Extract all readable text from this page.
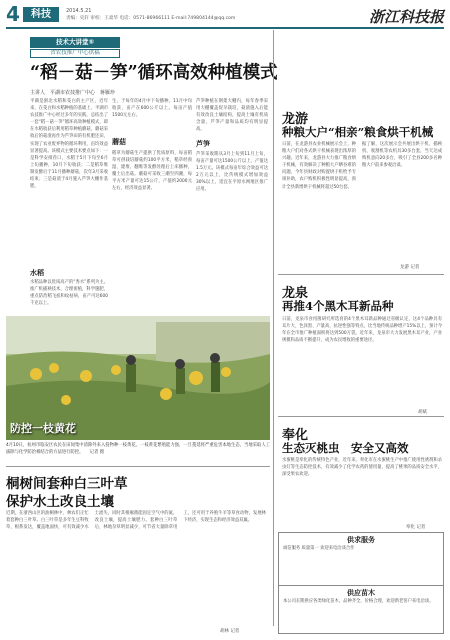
4	科技	2014.5.21
责编：史轩 审校：王肃华 电话：0571-86966111 E-mail:749804144@qq.com	浙江科技报
技术大讲堂⑤
省农技推广中心供稿
“稻－菇－笋”循环高效种植模式
主讲人　平湖市农技推广中心　蒋雁珍
平湖是浙北水稻和茭白的主产区，近年来，在茭白和水稻种植的基础上，平湖市农技推广中心经过多年的实践，总结出了一套“稻－菇－笋”循环高效种植模式，即在水稻收获后利用稻草种植蘑菇，蘑菇采收后的菇渣再作为芦笋田的有机肥还田，实现了农业废弃物的循环利用，亩均效益显著提高。该模式主要技术要点如下：一是科学安排茬口，水稻于5月下旬至6月上旬播种，10月下旬收获；二是稻草堆制发酵后于11月播种蘑菇，次年3月采收结束；三是菇渣于4月施入芦笋大棚作基肥。
水稻
水稻品种以优质高产的“秀水”系列为主。推广机插秧技术，合理密植，科学施肥，重点防治稻飞虱和纹枯病，亩产可达600千克以上。
生，于每年的4月中下旬播种，11月中旬收获，亩产在600公斤以上。每亩产值1500元左右。
蘑菇
稻草为蘑菇生产提供了优质原料，每亩稻草可供栽培蘑菇约100平方米，稻草经预湿、建堆、翻堆等发酵处理后上床播种，覆土后出菇。蘑菇可采收三潮至四潮，每平方米产量可达15公斤，产值约2000元左右，经济效益显著。
芦笋种植在钢架大棚内，每年春季采用大棚覆盖促早栽培，菇渣施入后能有效改良土壤结构，提高土壤有机质含量，芦笋产量和品质均有明显提高。
芦笋
芦笋采收期从3月上旬到11月上旬，每亩产量可达1500公斤以上，产值达1.5万元。该模式每亩年综合效益可达2万元以上，比传统模式增加效益30%以上，适宜在平原水网地区推广应用。
防控一枝黄花
4月10日，杭州市临安区农民在田间集中清除外来入侵物种一枝黄花。一枝黄花繁殖能力强，一旦蔓延将严重危害本地生态，当地采取人工拔除与化学防治相结合的方法进行防控。　　记者 摄
龙游
种粮大户“相亲”粮食烘干机械
日前，在龙游县农业机械展示会上，种粮大户们对各式烘干机械表现出浓厚的兴趣。近年来，龙游县大力推广粮食烘干机械，有效解决了种粮大户晒谷难的问题，今年县财政对购置烘干机给予专项补助，农户购机积极性明显提高，预计全县新增烘干机械将超过50台套。
据了解，这次展示会共展出烘干机、插秧机、收割机等农机具30多台套，当天达成购机意向20多台，吸引了全县200多名种粮大户前来参观洽谈。
龙游 记者
龙泉
再推4个黑木耳新品种
日前，龙泉市食用菌研究所选育的4个黑木耳新品种通过省级认定，这4个品种具有耳片大、色泽黑、产量高、抗逆性强等特点，比当地传统品种增产15%以上，预计今年在全市推广种植面积将达到500万袋。近年来，龙泉市大力发展黑木耳产业，产业规模和品质不断提升，成为农民增收的重要途径。
胡斌
奉化
生态灭桃虫　安全又高效
水蜜桃是奉化的传统特色产业，近年来，奉化市在水蜜桃生产中推广使用性诱剂和杀虫灯等生态防控技术，有效减少了化学农药的使用量，提高了桃果的品质安全水平，深受果农欢迎。
奉化 记者
桐树间套种白三叶草
保护水土改良土壤
近期，在浙西山区的油桐林中，林农们正忙着套种白三叶草。白三叶草是多年生豆科牧草，根系发达，覆盖地面快，可有效减少水土流失，同时其根瘤菌能固定空气中的氮，改良土壤，提高土壤肥力。套种白三叶草后，林地杂草明显减少，可节省大量除草用工，还可用于养殖牛羊等草食动物，发展林下经济，实现生态和经济效益双赢。
胡林 记者
供求服务
诚信服务 质量第一 欢迎来电洽谈合作
供应苗木
本公司长期供应各类绿化苗木，品种齐全，价格合理，欢迎新老客户来电洽谈。
